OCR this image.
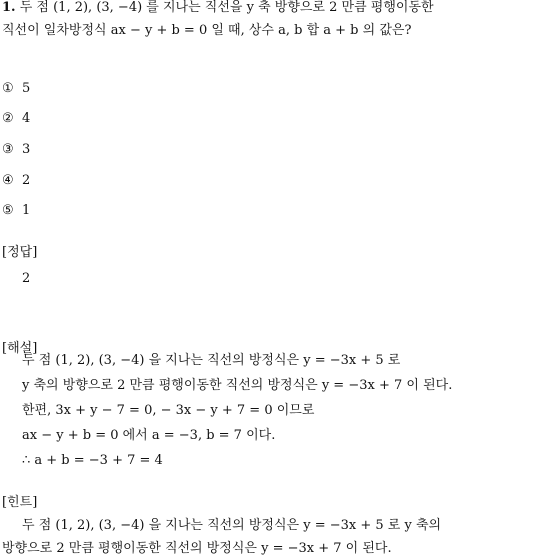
1. 두 점 (1, 2), (3, −4) 를 지나는 직선을 y 축 방향으로 2 만큼 평행이동한
직선이 일차방정식 ax − y + b = 0 일 때, 상수 a, b 합 a + b 의 값은?
① 5
② 4
③ 3
④ 2
⑤ 1
[정답]
2
[해설]
두 점 (1, 2), (3, −4) 을 지나는 직선의 방정식은 y = −3x + 5 로
y 축의 방향으로 2 만큼 평행이동한 직선의 방정식은 y = −3x + 7 이 된다.
한편, 3x + y − 7 = 0, − 3x − y + 7 = 0 이므로
ax − y + b = 0 에서 a = −3, b = 7 이다.
∴ a + b = −3 + 7 = 4
[힌트]
두 점 (1, 2), (3, −4) 을 지나는 직선의 방정식은 y = −3x + 5 로 y 축의
방향으로 2 만큼 평행이동한 직선의 방정식은 y = −3x + 7 이 된다.
